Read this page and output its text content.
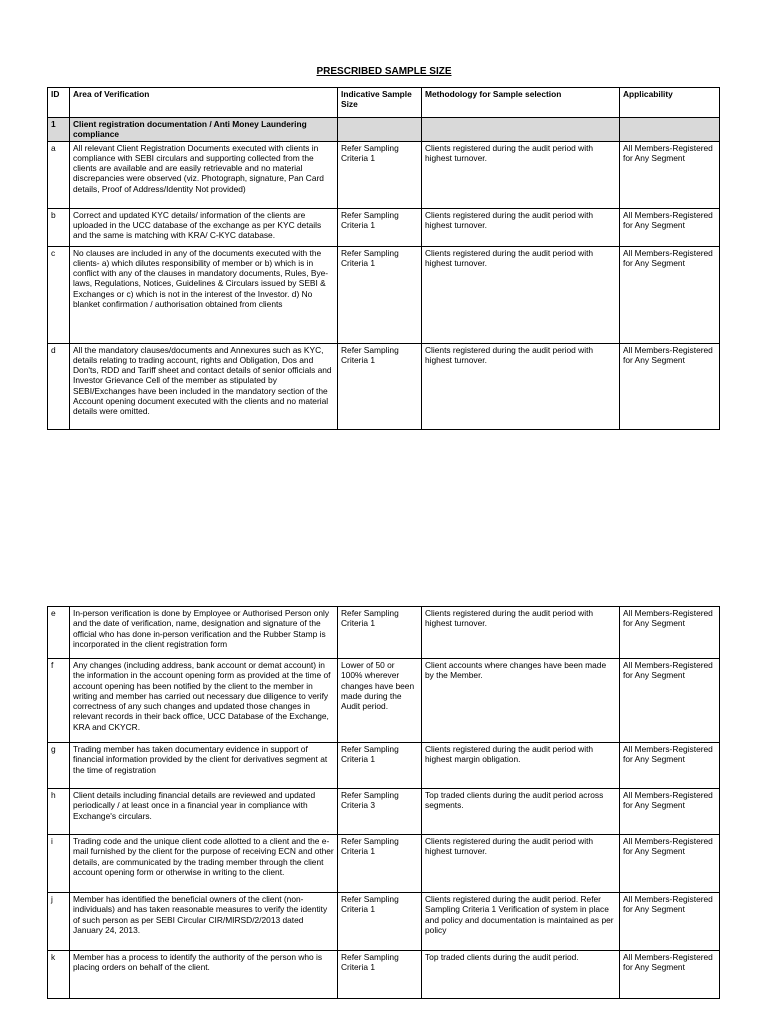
PRESCRIBED SAMPLE SIZE
ID	Area of Verification	Indicative Sample Size	Methodology for Sample selection	Applicability
1	Client registration documentation / Anti Money Laundering compliance			
a	All relevant Client Registration Documents executed with clients in compliance with SEBI circulars and supporting collected from the clients are available and are easily retrievable and no material discrepancies were observed (viz. Photograph, signature, Pan Card details, Proof of Address/Identity Not provided)	Refer Sampling Criteria 1	Clients registered during the audit period with highest turnover.	All Members-Registered for Any Segment
b	Correct and updated KYC details/ information of the clients are uploaded in the UCC database of the exchange as per KYC details and the same is matching with KRA/ C-KYC database.	Refer Sampling Criteria 1	Clients registered during the audit period with highest turnover.	All Members-Registered for Any Segment
c	No clauses are included in any of the documents executed with the clients- a) which dilutes responsibility of member or b) which is in conflict with any of the clauses in mandatory documents, Rules, Bye-laws, Regulations, Notices, Guidelines & Circulars issued by SEBI & Exchanges or c) which is not in the interest of the Investor. d) No blanket confirmation / authorisation obtained from clients	Refer Sampling Criteria 1	Clients registered during the audit period with highest turnover.	All Members-Registered for Any Segment
d	All the mandatory clauses/documents and Annexures such as KYC, details relating to trading account, rights and Obligation, Dos and Don'ts, RDD and Tariff sheet and contact details of senior officials and Investor Grievance Cell of the member as stipulated by SEBI/Exchanges have been included in the mandatory section of the Account opening document executed with the clients and no material details were omitted.	Refer Sampling Criteria 1	Clients registered during the audit period with highest turnover.	All Members-Registered for Any Segment
e	In-person verification is done by Employee or Authorised Person only and the date of verification, name, designation and signature of the official who has done in-person verification and the Rubber Stamp is incorporated in the client registration form	Refer Sampling Criteria 1	Clients registered during the audit period with highest turnover.	All Members-Registered for Any Segment
f	Any changes (including address, bank account or demat account) in the information in the account opening form as provided at the time of account opening has been notified by the client to the member in writing and member has carried out necessary due diligence to verify correctness of any such changes and updated those changes in relevant records in their back office, UCC Database of the Exchange, KRA and CKYCR.	Lower of 50 or 100% wherever changes have been made during the Audit period.	Client accounts where changes have been made by the Member.	All Members-Registered for Any Segment
g	Trading member has taken documentary evidence in support of financial information provided by the client for derivatives segment at the time of registration	Refer Sampling Criteria 1	Clients registered during the audit period with highest margin obligation.	All Members-Registered for Any Segment
h	Client details including financial details are reviewed and updated periodically / at least once in a financial year in compliance with Exchange's circulars.	Refer Sampling Criteria 3	Top traded clients during the audit period across segments.	All Members-Registered for Any Segment
i	Trading code and the unique client code allotted to a client and the e-mail furnished by the client for the purpose of receiving ECN and other details, are communicated by the trading member through the client account opening form or otherwise in writing to the client.	Refer Sampling Criteria 1	Clients registered during the audit period with highest turnover.	All Members-Registered for Any Segment
j	Member has identified the beneficial owners of the client (non-individuals) and has taken reasonable measures to verify the identity of such person as per SEBI Circular CIR/MIRSD/2/2013 dated January 24, 2013.	Refer Sampling Criteria 1	Clients registered during the audit period. Refer Sampling Criteria 1 Verification of system in place and policy and documentation is maintained as per policy	All Members-Registered for Any Segment
k	Member has a process to identify the authority of the person who is placing orders on behalf of the client.	Refer Sampling Criteria 1	Top traded clients during the audit period.	All Members-Registered for Any Segment
